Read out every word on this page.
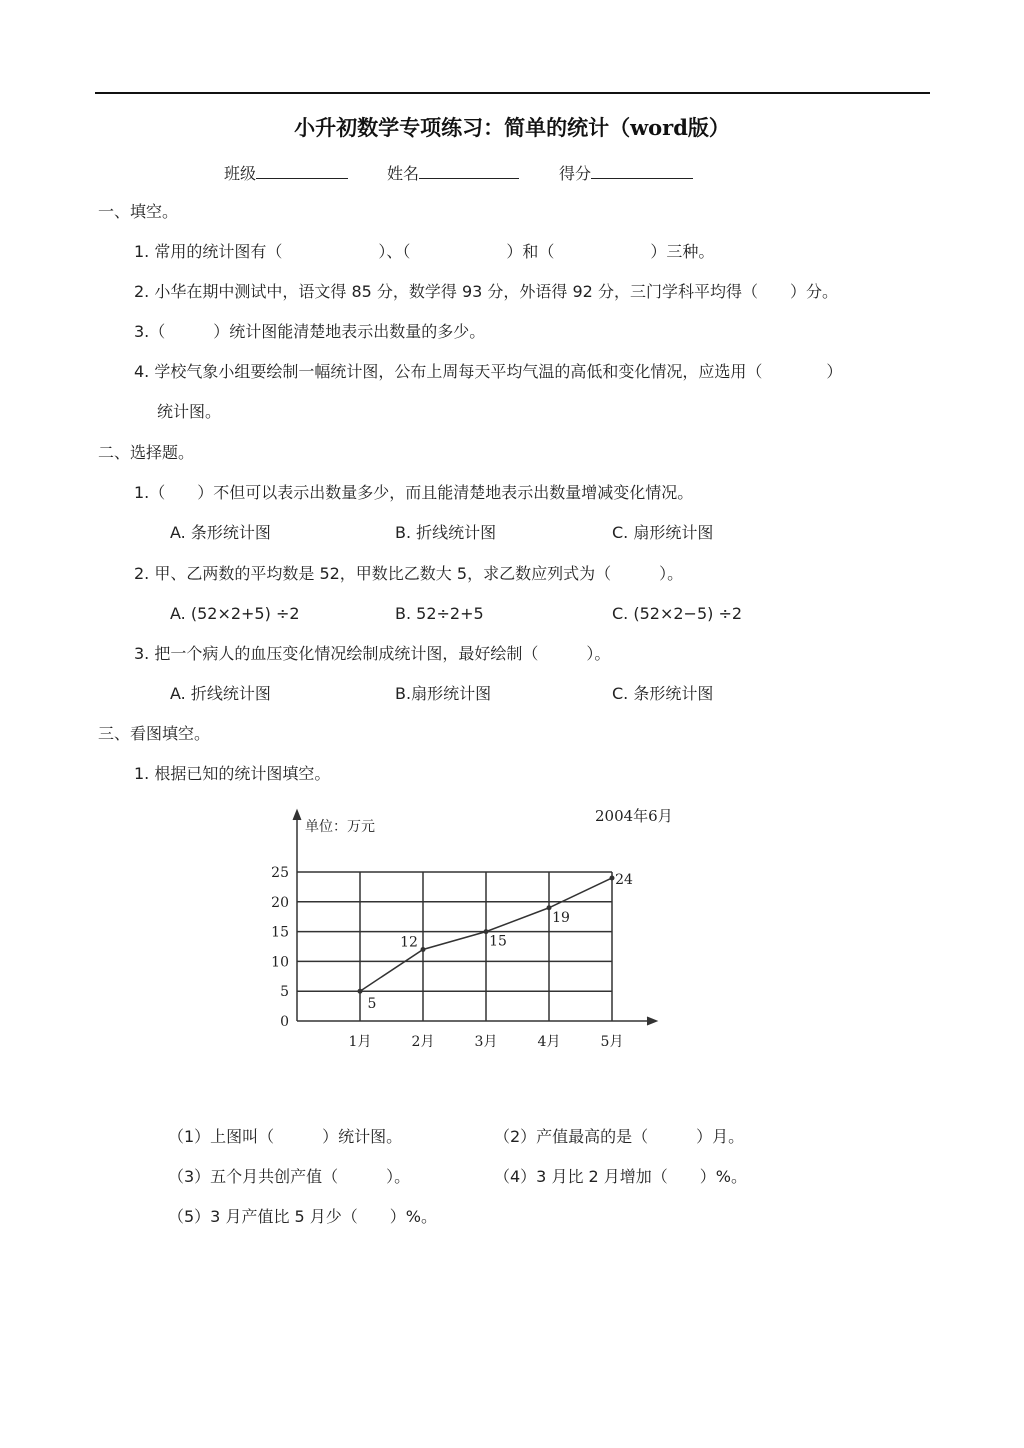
小升初数学专项练习：简单的统计（word版）
班级	姓名	得分
一、填空。
1. 常用的统计图有（　　　　　　）、（　　　　　　）和（　　　　　　）三种。
2. 小华在期中测试中，语文得 85 分，数学得 93 分，外语得 92 分，三门学科平均得（　　）分。
3.（　　　）统计图能清楚地表示出数量的多少。
4. 学校气象小组要绘制一幅统计图，公布上周每天平均气温的高低和变化情况，应选用（　　　　）
统计图。
二、选择题。
1.（　　）不但可以表示出数量多少，而且能清楚地表示出数量增减变化情况。
A. 条形统计图	B. 折线统计图	C. 扇形统计图
2. 甲、乙两数的平均数是 52，甲数比乙数大 5，求乙数应列式为（　　　）。
A. (52×2+5) ÷2	B. 52÷2+5	C. (52×2−5) ÷2
3. 把一个病人的血压变化情况绘制成统计图，最好绘制（　　　）。
A. 折线统计图	B.扇形统计图	C. 条形统计图
三、看图填空。
1. 根据已知的统计图填空。
0
5
10
15
20
25
1月	2月	3月	4月	5月
单位：万元
2004年6月
5
12	15
19
24
（1）上图叫（　　　）统计图。	（2）产值最高的是（　　　）月。
（3）五个月共创产值（　　　）。	（4）3 月比 2 月增加（　　）%。
（5）3 月产值比 5 月少（　　）%。
